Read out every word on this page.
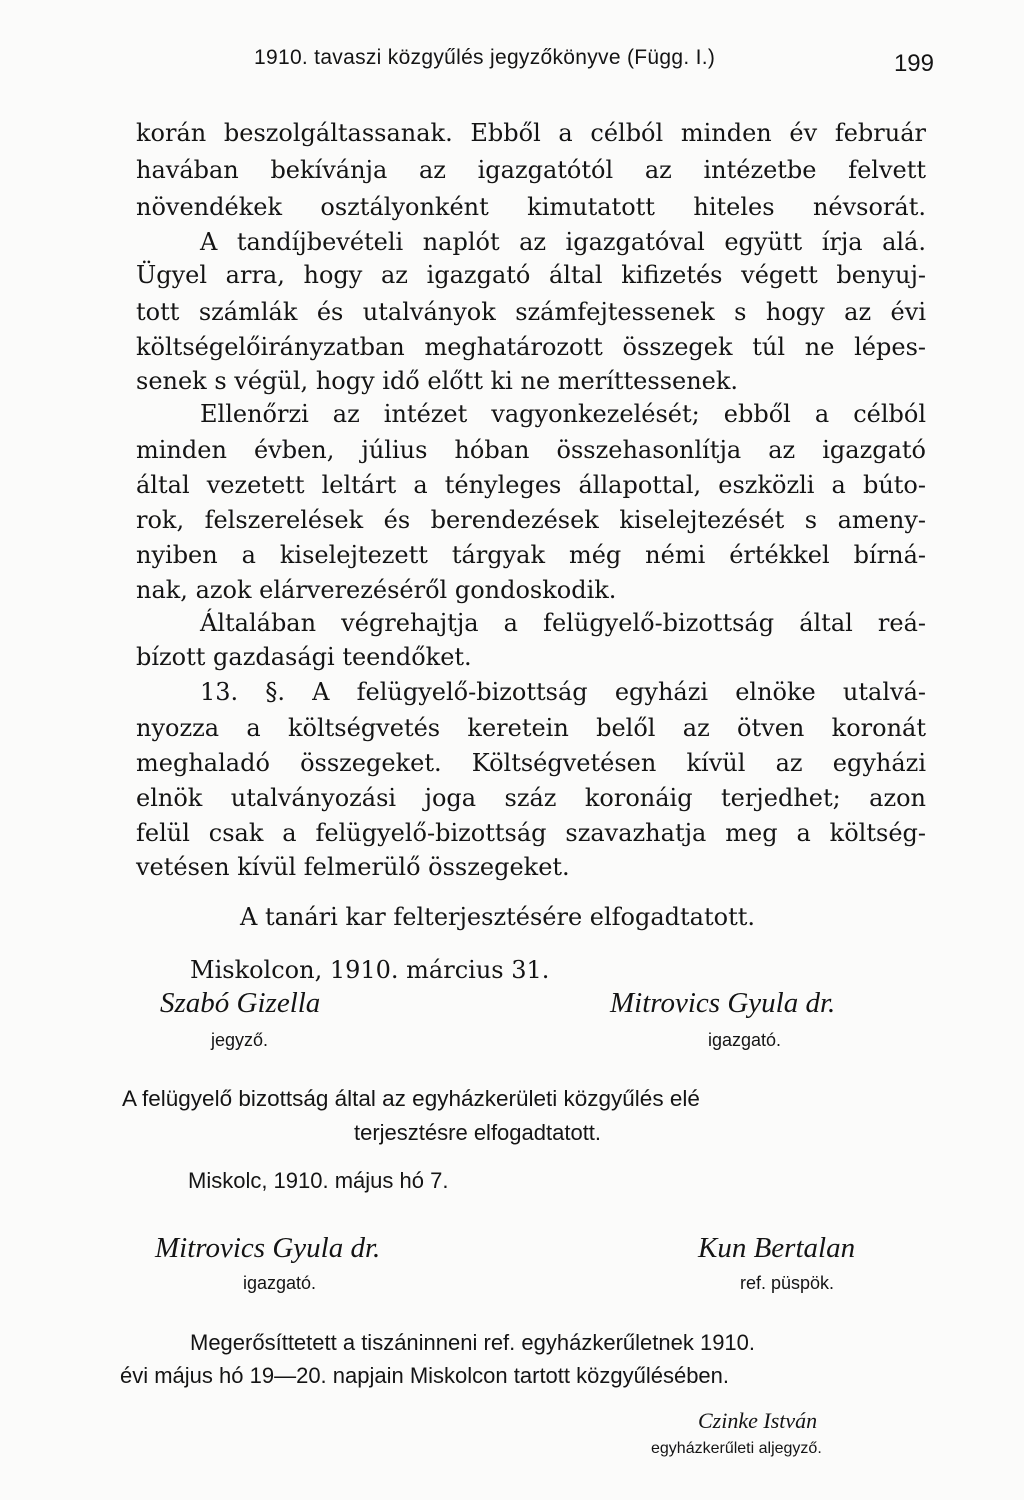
1910. tavaszi közgyűlés jegyzőkönyve (Függ. I.)	199
korán beszolgáltassanak. Ebből a célból minden év február
havában bekívánja az igazgatótól az intézetbe felvett
növendékek osztályonként kimutatott hiteles névsorát.
A tandíjbevételi naplót az igazgatóval együtt írja alá.
Ügyel arra, hogy az igazgató által kifizetés végett benyuj-
tott számlák és utalványok számfejtessenek s hogy az évi
költségelőirányzatban meghatározott összegek túl ne lépes-
senek s végül, hogy idő előtt ki ne meríttessenek.
Ellenőrzi az intézet vagyonkezelését; ebből a célból
minden évben, július hóban összehasonlítja az igazgató
által vezetett leltárt a tényleges állapottal, eszközli a búto-
rok, felszerelések és berendezések kiselejtezését s ameny-
nyiben a kiselejtezett tárgyak még némi értékkel bírná-
nak, azok elárverezéséről gondoskodik.
Általában végrehajtja a felügyelő-bizottság által reá-
bízott gazdasági teendőket.
13. §. A felügyelő-bizottság egyházi elnöke utalvá-
nyozza a költségvetés keretein belől az ötven koronát
meghaladó összegeket. Költségvetésen kívül az egyházi
elnök utalványozási joga száz koronáig terjedhet; azon
felül csak a felügyelő-bizottság szavazhatja meg a költség-
vetésen kívül felmerülő összegeket.
A tanári kar felterjesztésére elfogadtatott.
Miskolcon, 1910. március 31.
Szabó Gizella
jegyző.
Mitrovics Gyula dr.
igazgató.
A felügyelő bizottság által az egyházkerületi közgyűlés elé
terjesztésre elfogadtatott.
Miskolc, 1910. május hó 7.
Mitrovics Gyula dr.
igazgató.
Kun Bertalan
ref. püspök.
Megerősíttetett a tiszáninneni ref. egyházkerűletnek 1910.
évi május hó 19—20. napjain Miskolcon tartott közgyűlésében.
Czinke István
egyházkerűleti aljegyző.
